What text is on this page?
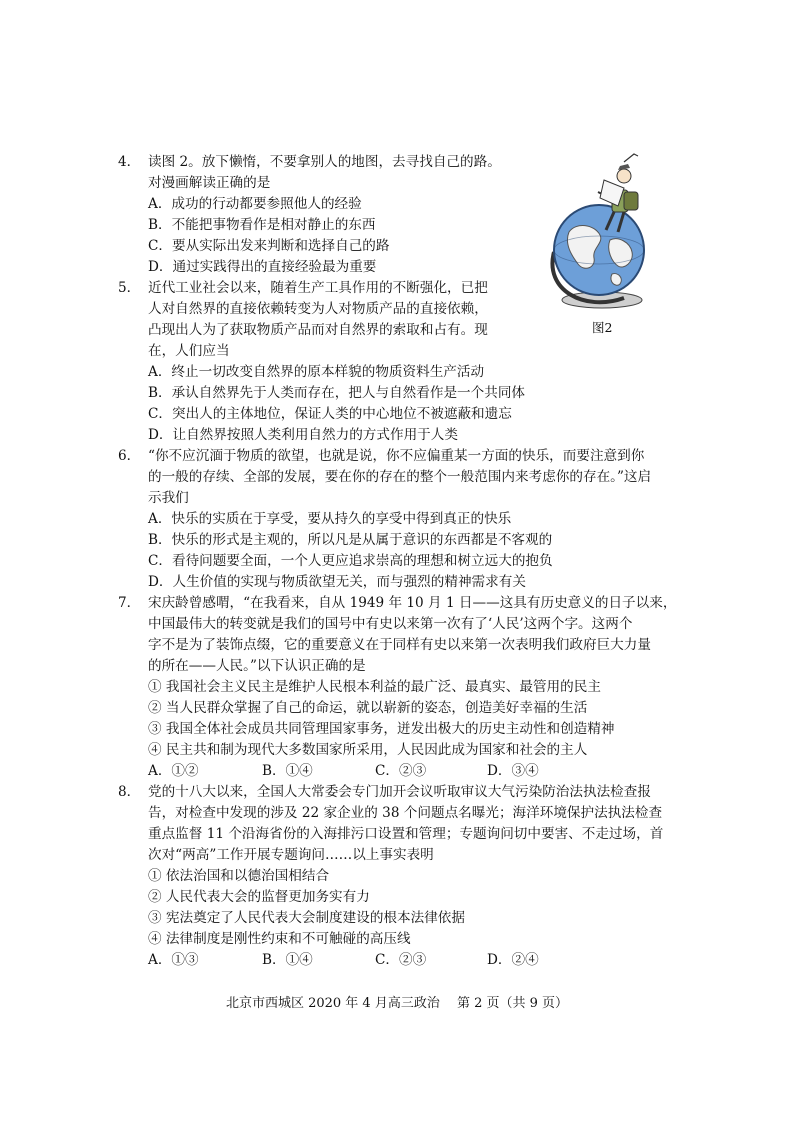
图2
4． 读图 2。放下懒惰，不要拿别人的地图，去寻找自己的路。
对漫画解读正确的是
A．成功的行动都要参照他人的经验
B．不能把事物看作是相对静止的东西
C．要从实际出发来判断和选择自己的路
D．通过实践得出的直接经验最为重要
5． 近代工业社会以来，随着生产工具作用的不断强化，已把
人对自然界的直接依赖转变为人对物质产品的直接依赖，
凸现出人为了获取物质产品而对自然界的索取和占有。现
在，人们应当
A．终止一切改变自然界的原本样貌的物质资料生产活动
B．承认自然界先于人类而存在，把人与自然看作是一个共同体
C．突出人的主体地位，保证人类的中心地位不被遮蔽和遗忘
D．让自然界按照人类利用自然力的方式作用于人类
6． “你不应沉湎于物质的欲望，也就是说，你不应偏重某一方面的快乐，而要注意到你
的一般的存续、全部的发展，要在你的存在的整个一般范围内来考虑你的存在。”这启
示我们
A．快乐的实质在于享受，要从持久的享受中得到真正的快乐
B．快乐的形式是主观的，所以凡是从属于意识的东西都是不客观的
C．看待问题要全面，一个人更应追求崇高的理想和树立远大的抱负
D．人生价值的实现与物质欲望无关，而与强烈的精神需求有关
7． 宋庆龄曾感喟，“在我看来，自从 1949 年 10 月 1 日——这具有历史意义的日子以来，
中国最伟大的转变就是我们的国号中有史以来第一次有了‘人民’这两个字。这两个
字不是为了装饰点缀，它的重要意义在于同样有史以来第一次表明我们政府巨大力量
的所在——人民。”以下认识正确的是
① 我国社会主义民主是维护人民根本利益的最广泛、最真实、最管用的民主
② 当人民群众掌握了自己的命运，就以崭新的姿态，创造美好幸福的生活
③ 我国全体社会成员共同管理国家事务，迸发出极大的历史主动性和创造精神
④ 民主共和制为现代大多数国家所采用，人民因此成为国家和社会的主人
A．①②	B．①④	C．②③	D．③④
8． 党的十八大以来，全国人大常委会专门加开会议听取审议大气污染防治法执法检查报
告，对检查中发现的涉及 22 家企业的 38 个问题点名曝光；海洋环境保护法执法检查
重点监督 11 个沿海省份的入海排污口设置和管理；专题询问切中要害、不走过场，首
次对“两高”工作开展专题询问……以上事实表明
① 依法治国和以德治国相结合
② 人民代表大会的监督更加务实有力
③ 宪法奠定了人民代表大会制度建设的根本法律依据
④ 法律制度是刚性约束和不可触碰的高压线
A．①③	B．①④	C．②③	D．②④
北京市西城区 2020 年 4 月高三政治　 第 2 页（共 9 页）
